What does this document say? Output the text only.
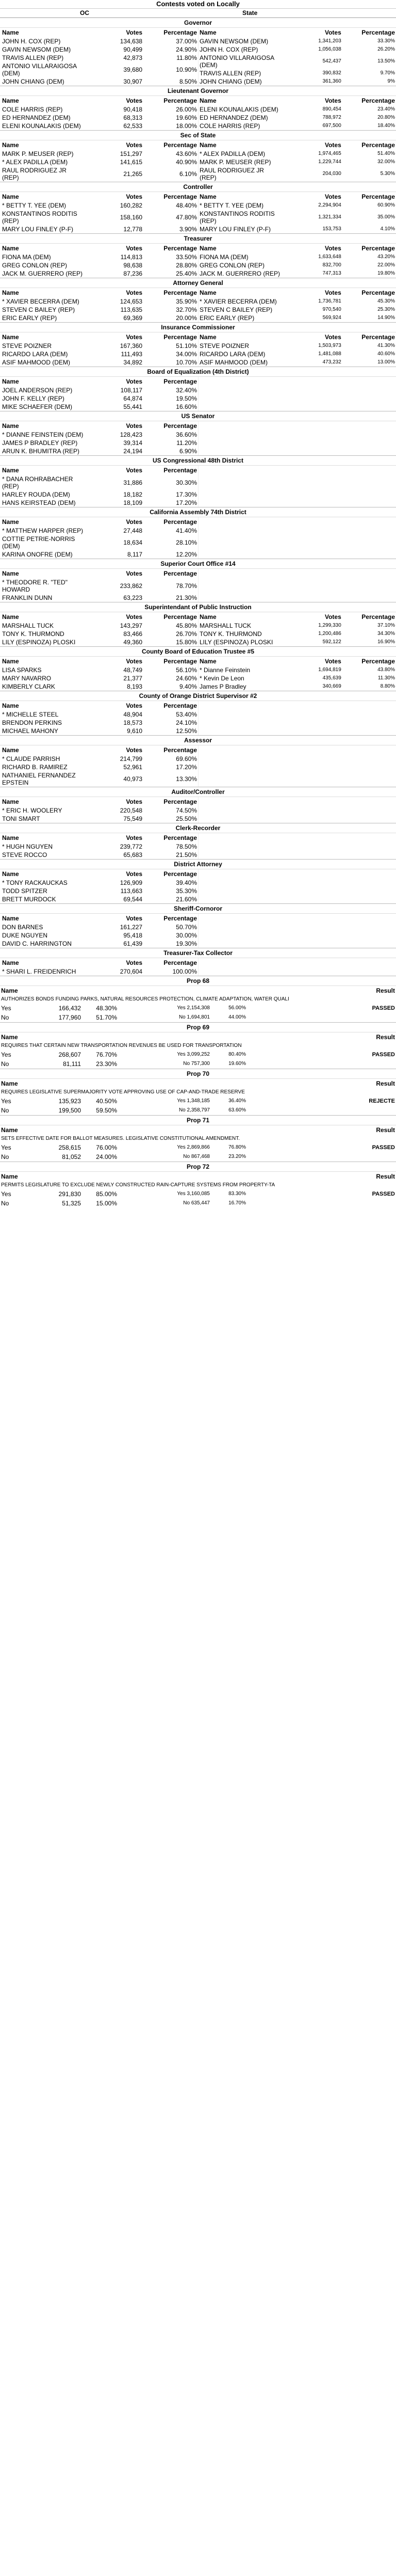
Contests voted on Locally
OC	State
Governor
Name	Votes	Percentage
JOHN H. COX (REP)	134,638	37.00%
GAVIN NEWSOM (DEM)	90,499	24.90%
TRAVIS ALLEN (REP)	42,873	11.80%
ANTONIO VILLARAIGOSA (DEM)	39,680	10.90%
JOHN CHIANG (DEM)	30,907	8.50%
Name	Votes	Percentage
GAVIN NEWSOM (DEM)	1,341,203	33.30%
JOHN H. COX (REP)	1,056,038	26.20%
ANTONIO VILLARAIGOSA (DEM)	542,437	13.50%
TRAVIS ALLEN (REP)	390,832	9.70%
JOHN CHIANG (DEM)	361,360	9%
Lieutenant Governor
Name	Votes	Percentage
COLE HARRIS (REP)	90,418	26.00%
ED HERNANDEZ (DEM)	68,313	19.60%
ELENI KOUNALAKIS (DEM)	62,533	18.00%
Name	Votes	Percentage
ELENI KOUNALAKIS (DEM)	890,454	23.40%
ED HERNANDEZ (DEM)	788,972	20.80%
COLE HARRIS (REP)	697,500	18.40%
Sec of State
Name	Votes	Percentage
MARK P. MEUSER (REP)	151,297	43.60%
* ALEX PADILLA (DEM)	141,615	40.90%
RAUL RODRIGUEZ JR (REP)	21,265	6.10%
Name	Votes	Percentage
* ALEX PADILLA (DEM)	1,974,465	51.40%
MARK P. MEUSER (REP)	1,229,744	32.00%
RAUL RODRIGUEZ JR (REP)	204,030	5.30%
Controller
Name	Votes	Percentage
* BETTY T. YEE (DEM)	160,282	48.40%
KONSTANTINOS RODITIS (REP)	158,160	47.80%
MARY LOU FINLEY (P-F)	12,778	3.90%
Name	Votes	Percentage
* BETTY T. YEE (DEM)	2,294,904	60.90%
KONSTANTINOS RODITIS (REP)	1,321,334	35.00%
MARY LOU FINLEY (P-F)	153,753	4.10%
Treasurer
Name	Votes	Percentage
FIONA MA (DEM)	114,813	33.50%
GREG CONLON (REP)	98,638	28.80%
JACK M. GUERRERO (REP)	87,236	25.40%
Name	Votes	Percentage
FIONA MA (DEM)	1,633,648	43.20%
GREG CONLON (REP)	832,700	22.00%
JACK M. GUERRERO (REP)	747,313	19.80%
Attorney General
Name	Votes	Percentage
* XAVIER BECERRA (DEM)	124,653	35.90%
STEVEN C BAILEY (REP)	113,635	32.70%
ERIC EARLY (REP)	69,369	20.00%
Name	Votes	Percentage
* XAVIER BECERRA (DEM)	1,736,781	45.30%
STEVEN C BAILEY (REP)	970,540	25.30%
ERIC EARLY (REP)	569,924	14.90%
Insurance Commissioner
Name	Votes	Percentage
STEVE POIZNER	167,360	51.10%
RICARDO LARA (DEM)	111,493	34.00%
ASIF MAHMOOD (DEM)	34,892	10.70%
Name	Votes	Percentage
STEVE POIZNER	1,503,973	41.30%
RICARDO LARA (DEM)	1,481,088	40.60%
ASIF MAHMOOD (DEM)	473,232	13.00%
Board of Equalization (4th District)
Name	Votes	Percentage
JOEL ANDERSON (REP)	108,117	32.40%
JOHN F. KELLY (REP)	64,874	19.50%
MIKE SCHAEFER (DEM)	55,441	16.60%
US Senator
Name	Votes	Percentage
* DIANNE FEINSTEIN (DEM)	128,423	36.60%
JAMES P BRADLEY (REP)	39,314	11.20%
ARUN K. BHUMITRA (REP)	24,194	6.90%
US Congressional 48th District
Name	Votes	Percentage
* DANA ROHRABACHER (REP)	31,886	30.30%
HARLEY ROUDA (DEM)	18,182	17.30%
HANS KEIRSTEAD (DEM)	18,109	17.20%
California Assembly 74th District
Name	Votes	Percentage
* MATTHEW HARPER (REP)	27,448	41.40%
COTTIE PETRIE-NORRIS (DEM)	18,634	28.10%
KARINA ONOFRE (DEM)	8,117	12.20%
Superior Court Office #14
Name	Votes	Percentage
* THEODORE R. "TED" HOWARD	233,862	78.70%
FRANKLIN DUNN	63,223	21.30%
Superintendant of Public Instruction
Name	Votes	Percentage
MARSHALL TUCK	143,297	45.80%
TONY K. THURMOND	83,466	26.70%
LILY (ESPINOZA) PLOSKI	49,360	15.80%
Name	Votes	Percentage
MARSHALL TUCK	1,299,330	37.10%
TONY K. THURMOND	1,200,486	34.30%
LILY (ESPINOZA) PLOSKI	592,122	16.90%
County Board of Education Trustee #5
Name	Votes	Percentage
LISA SPARKS	48,749	56.10%
MARY NAVARRO	21,377	24.60%
KIMBERLY CLARK	8,193	9.40%
Name	Votes	Percentage
* Dianne Feinstein	1,694,819	43.80%
* Kevin De Leon	435,639	11.30%
James P Bradley	340,669	8.80%
County of Orange District Supervisor #2
Name	Votes	Percentage
* MICHELLE STEEL	48,904	53.40%
BRENDON PERKINS	18,573	24.10%
MICHAEL MAHONY	9,610	12.50%
Assessor
Name	Votes	Percentage
* CLAUDE PARRISH	214,799	69.60%
RICHARD B. RAMIREZ	52,961	17.20%
NATHANIEL FERNANDEZ EPSTEIN	40,973	13.30%
Auditor/Controller
Name	Votes	Percentage
* ERIC H. WOOLERY	220,548	74.50%
TONI SMART	75,549	25.50%
Clerk-Recorder
Name	Votes	Percentage
* HUGH NGUYEN	239,772	78.50%
STEVE ROCCO	65,683	21.50%
District Attorney
Name	Votes	Percentage
* TONY RACKAUCKAS	126,909	39.40%
TODD SPITZER	113,663	35.30%
BRETT MURDOCK	69,544	21.60%
Sheriff-Cornoror
Name	Votes	Percentage
DON BARNES	161,227	50.70%
DUKE NGUYEN	95,418	30.00%
DAVID C. HARRINGTON	61,439	19.30%
Treasurer-Tax Collector
Name	Votes	Percentage
* SHARI L. FREIDENRICH	270,604	100.00%
Prop 68
Name	Result
AUTHORIZES BONDS FUNDING PARKS, NATURAL RESOURCES PROTECTION, CLIMATE ADAPTATION, WATER QUALI
Yes	166,432	48.30%	Yes 2,154,308	56.00%	PASSED
No	177,960	51.70%	No 1,694,801	44.00%
Prop 69
Name	Result
REQUIRES THAT CERTAIN NEW TRANSPORTATION REVENUES BE USED FOR TRANSPORTATION
Yes	268,607	76.70%	Yes 3,099,252	80.40%	PASSED
No	81,111	23.30%	No 757,300	19.60%
Prop 70
Name	Result
REQUIRES LEGISLATIVE SUPERMAJORITY VOTE APPROVING USE OF CAP-AND-TRADE RESERVE
Yes	135,923	40.50%	Yes 1,348,185	36.40%	REJECTE
No	199,500	59.50%	No 2,358,797	63.60%
Prop 71
Name	Result
SETS EFFECTIVE DATE FOR BALLOT MEASURES. LEGISLATIVE CONSTITUTIONAL AMENDMENT.
Yes	258,615	76.00%	Yes 2,869,866	76.80%	PASSED
No	81,052	24.00%	No 867,468	23.20%
Prop 72
Name	Result
PERMITS LEGISLATURE TO EXCLUDE NEWLY CONSTRUCTED RAIN-CAPTURE SYSTEMS FROM PROPERTY-TA
Yes	291,830	85.00%	Yes 3,160,085	83.30%	PASSED
No	51,325	15.00%	No 635,447	16.70%
